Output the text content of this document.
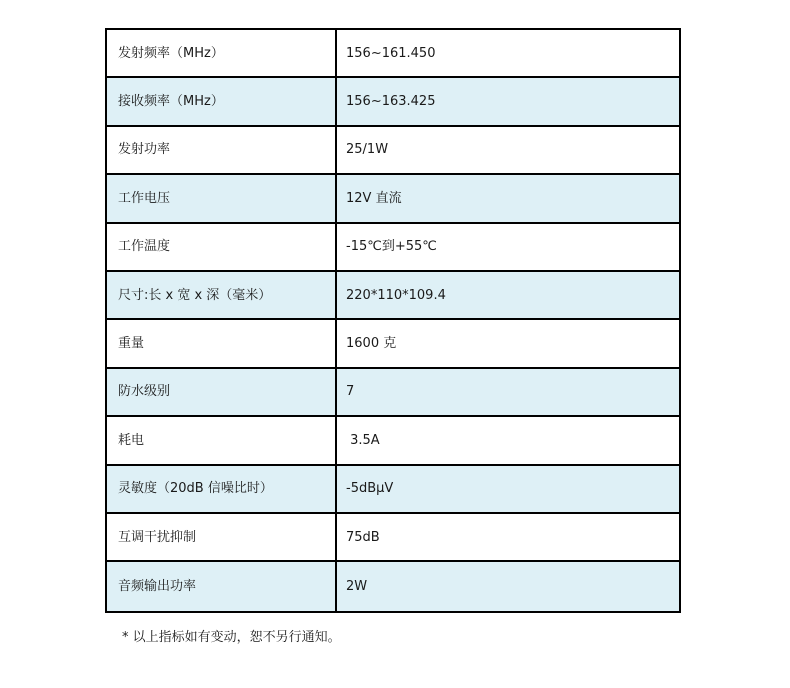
发射频率（MHz）	156~161.450
接收频率（MHz）	156~163.425
发射功率	25/1W
工作电压	12V 直流
工作温度	-15℃到+55℃
尺寸:长 x 宽 x 深（毫米）	220*110*109.4
重量	1600 克
防水级别	7
耗电	3.5A
灵敏度（20dB 信噪比时）	-5dBμV
互调干扰抑制	75dB
音频输出功率	2W
* 以上指标如有变动，恕不另行通知。
